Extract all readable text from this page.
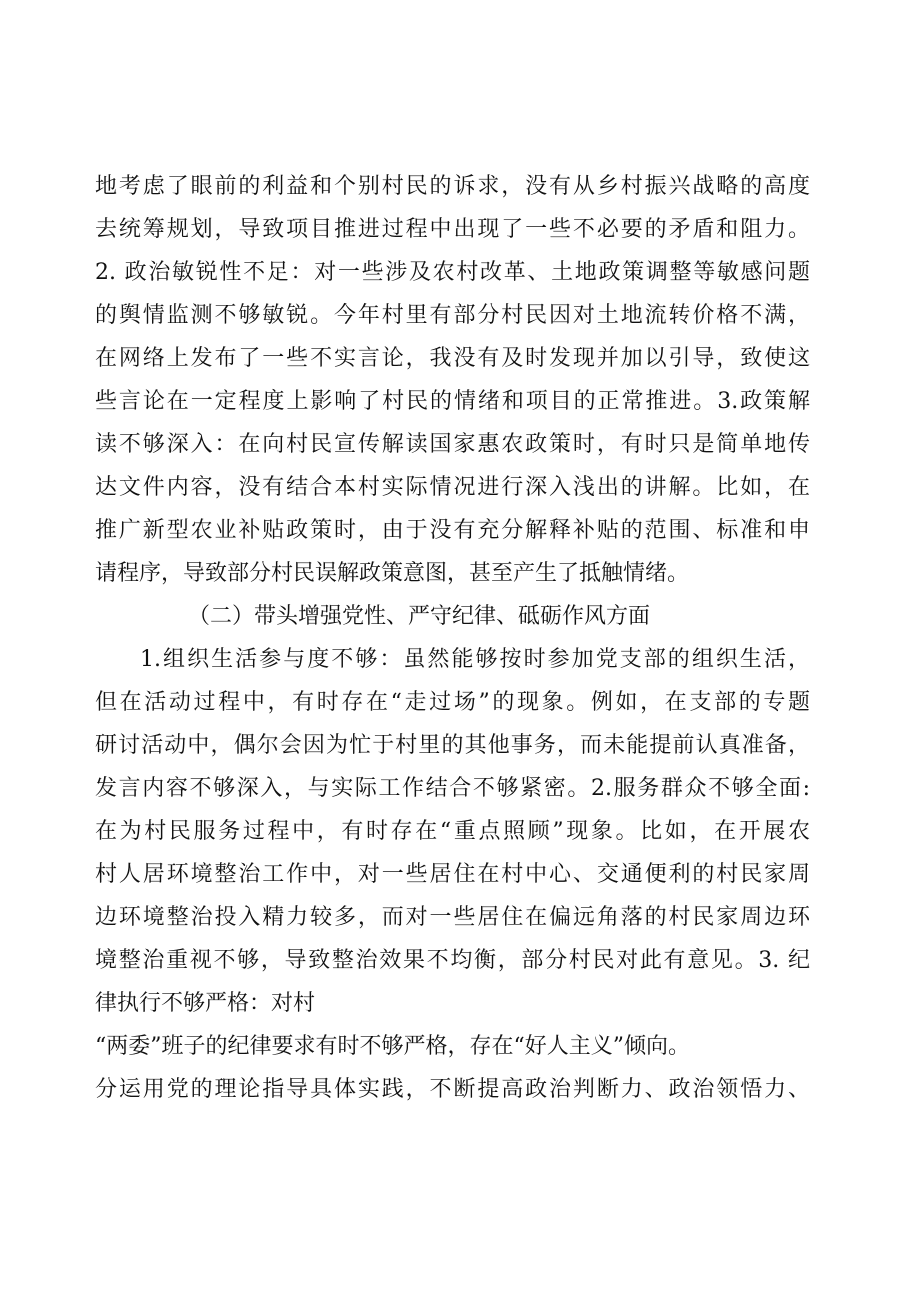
地考虑了眼前的利益和个别村民的诉求，没有从乡村振兴战略的高度

去统筹规划，导致项目推进过程中出现了一些不必要的矛盾和阻力。

2. 政治敏锐性不足：对一些涉及农村改革、土地政策调整等敏感问题

的舆情监测不够敏锐。今年村里有部分村民因对土地流转价格不满，

在网络上发布了一些不实言论，我没有及时发现并加以引导，致使这

些言论在一定程度上影响了村民的情绪和项目的正常推进。3.政策解

读不够深入：在向村民宣传解读国家惠农政策时，有时只是简单地传

达文件内容，没有结合本村实际情况进行深入浅出的讲解。比如，在

推广新型农业补贴政策时，由于没有充分解释补贴的范围、标准和申

请程序，导致部分村民误解政策意图，甚至产生了抵触情绪。

（二）带头增强党性、严守纪律、砥砺作风方面

1.组织生活参与度不够：虽然能够按时参加党支部的组织生活，

但在活动过程中，有时存在“走过场”的现象。例如，在支部的专题

研讨活动中，偶尔会因为忙于村里的其他事务，而未能提前认真准备，

发言内容不够深入，与实际工作结合不够紧密。2.服务群众不够全面:

在为村民服务过程中，有时存在“重点照顾”现象。比如，在开展农

村人居环境整治工作中，对一些居住在村中心、交通便利的村民家周

边环境整治投入精力较多，而对一些居住在偏远角落的村民家周边环

境整治重视不够，导致整治效果不均衡，部分村民对此有意见。3. 纪

律执行不够严格：对村

“两委”班子的纪律要求有时不够严格，存在“好人主义”倾向。

分运用党的理论指导具体实践，不断提高政治判断力、政治领悟力、
